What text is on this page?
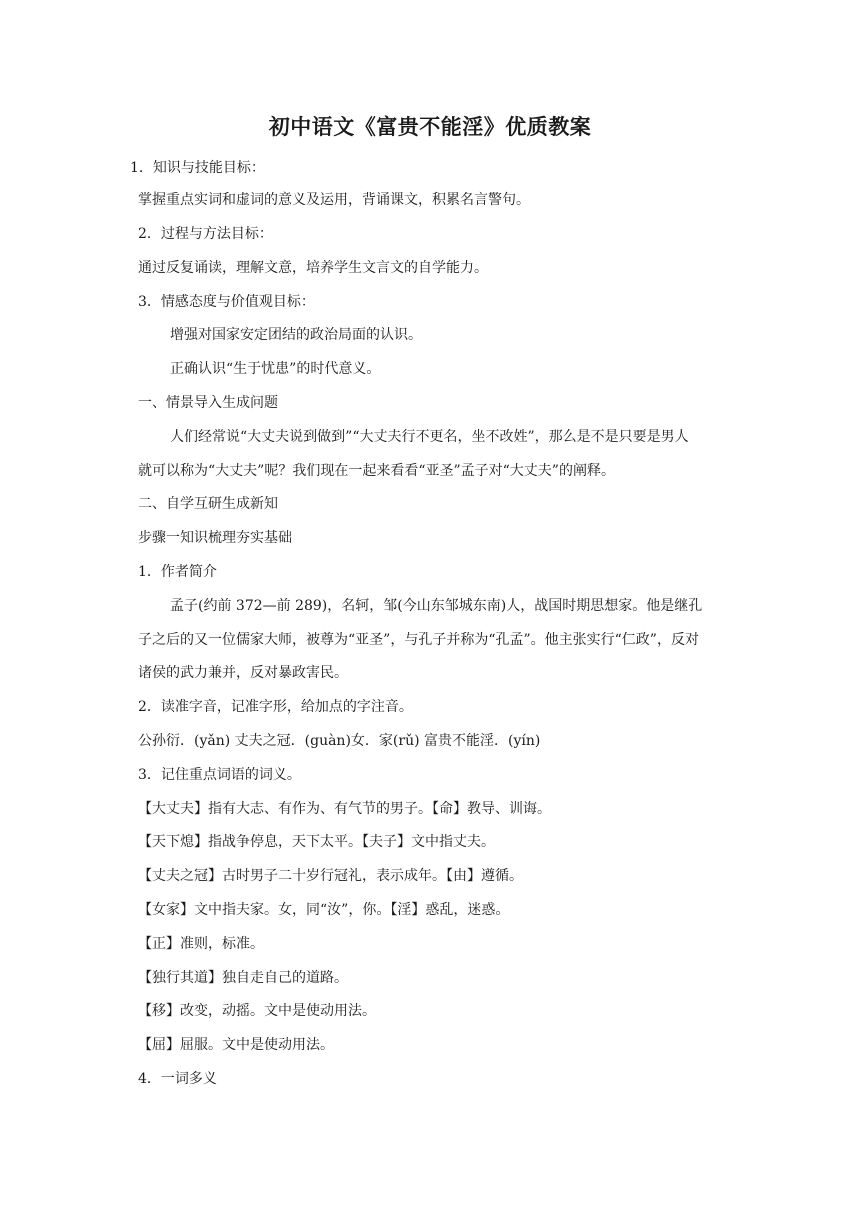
初中语文《富贵不能淫》优质教案

1．知识与技能目标：

掌握重点实词和虚词的意义及运用，背诵课文，积累名言警句。

2．过程与方法目标：

通过反复诵读，理解文意，培养学生文言文的自学能力。

3．情感态度与价值观目标：

增强对国家安定团结的政治局面的认识。

正确认识“生于忧患”的时代意义。

一、情景导入生成问题

人们经常说“大丈夫说到做到”“大丈夫行不更名，坐不改姓”，那么是不是只要是男人

就可以称为“大丈夫”呢？我们现在一起来看看“亚圣”孟子对“大丈夫”的阐释。

二、自学互研生成新知

步骤一知识梳理夯实基础

1．作者简介

孟子(约前 372—前 289)，名轲，邹(今山东邹城东南)人，战国时期思想家。他是继孔

子之后的又一位儒家大师，被尊为“亚圣”，与孔子并称为“孔孟”。他主张实行“仁政”，反对

诸侯的武力兼并，反对暴政害民。

2．读准字音，记准字形，给加点的字注音。

公孙衍．(yǎn) 丈夫之冠．(guàn)女．家(rǔ) 富贵不能淫．(yín)

3．记住重点词语的词义。

【大丈夫】指有大志、有作为、有气节的男子。【命】教导、训诲。

【天下熄】指战争停息，天下太平。【夫子】文中指丈夫。

【丈夫之冠】古时男子二十岁行冠礼，表示成年。【由】遵循。

【女家】文中指夫家。女，同“汝”，你。【淫】惑乱，迷惑。

【正】准则，标准。

【独行其道】独自走自己的道路。

【移】改变，动摇。文中是使动用法。

【屈】屈服。文中是使动用法。

4．一词多义
